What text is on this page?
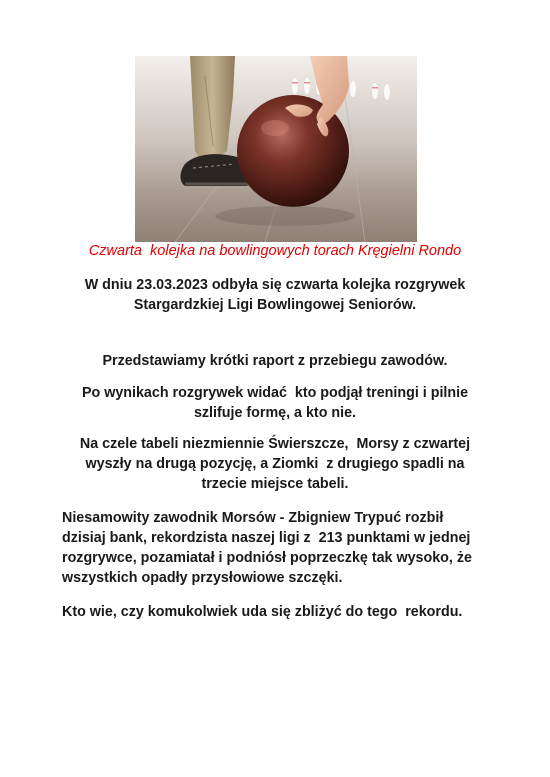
Czwarta  kolejka na bowlingowych torach Kręgielni Rondo
W dniu 23.03.2023 odbyła się czwarta kolejka rozgrywek
Stargardzkiej Ligi Bowlingowej Seniorów.
Przedstawiamy krótki raport z przebiegu zawodów.
Po wynikach rozgrywek widać  kto podjął treningi i pilnie
szlifuje formę, a kto nie.
Na czele tabeli niezmiennie Świerszcze,  Morsy z czwartej
wyszły na drugą pozycję, a Ziomki  z drugiego spadli na
trzecie miejsce tabeli.
Niesamowity zawodnik Morsów - Zbigniew Trypuć rozbił
dzisiaj bank, rekordzista naszej ligi z  213 punktami w jednej
rozgrywce, pozamiatał i podniósł poprzeczkę tak wysoko, że
wszystkich opadły przysłowiowe szczęki.
Kto wie, czy komukolwiek uda się zbliżyć do tego  rekordu.
